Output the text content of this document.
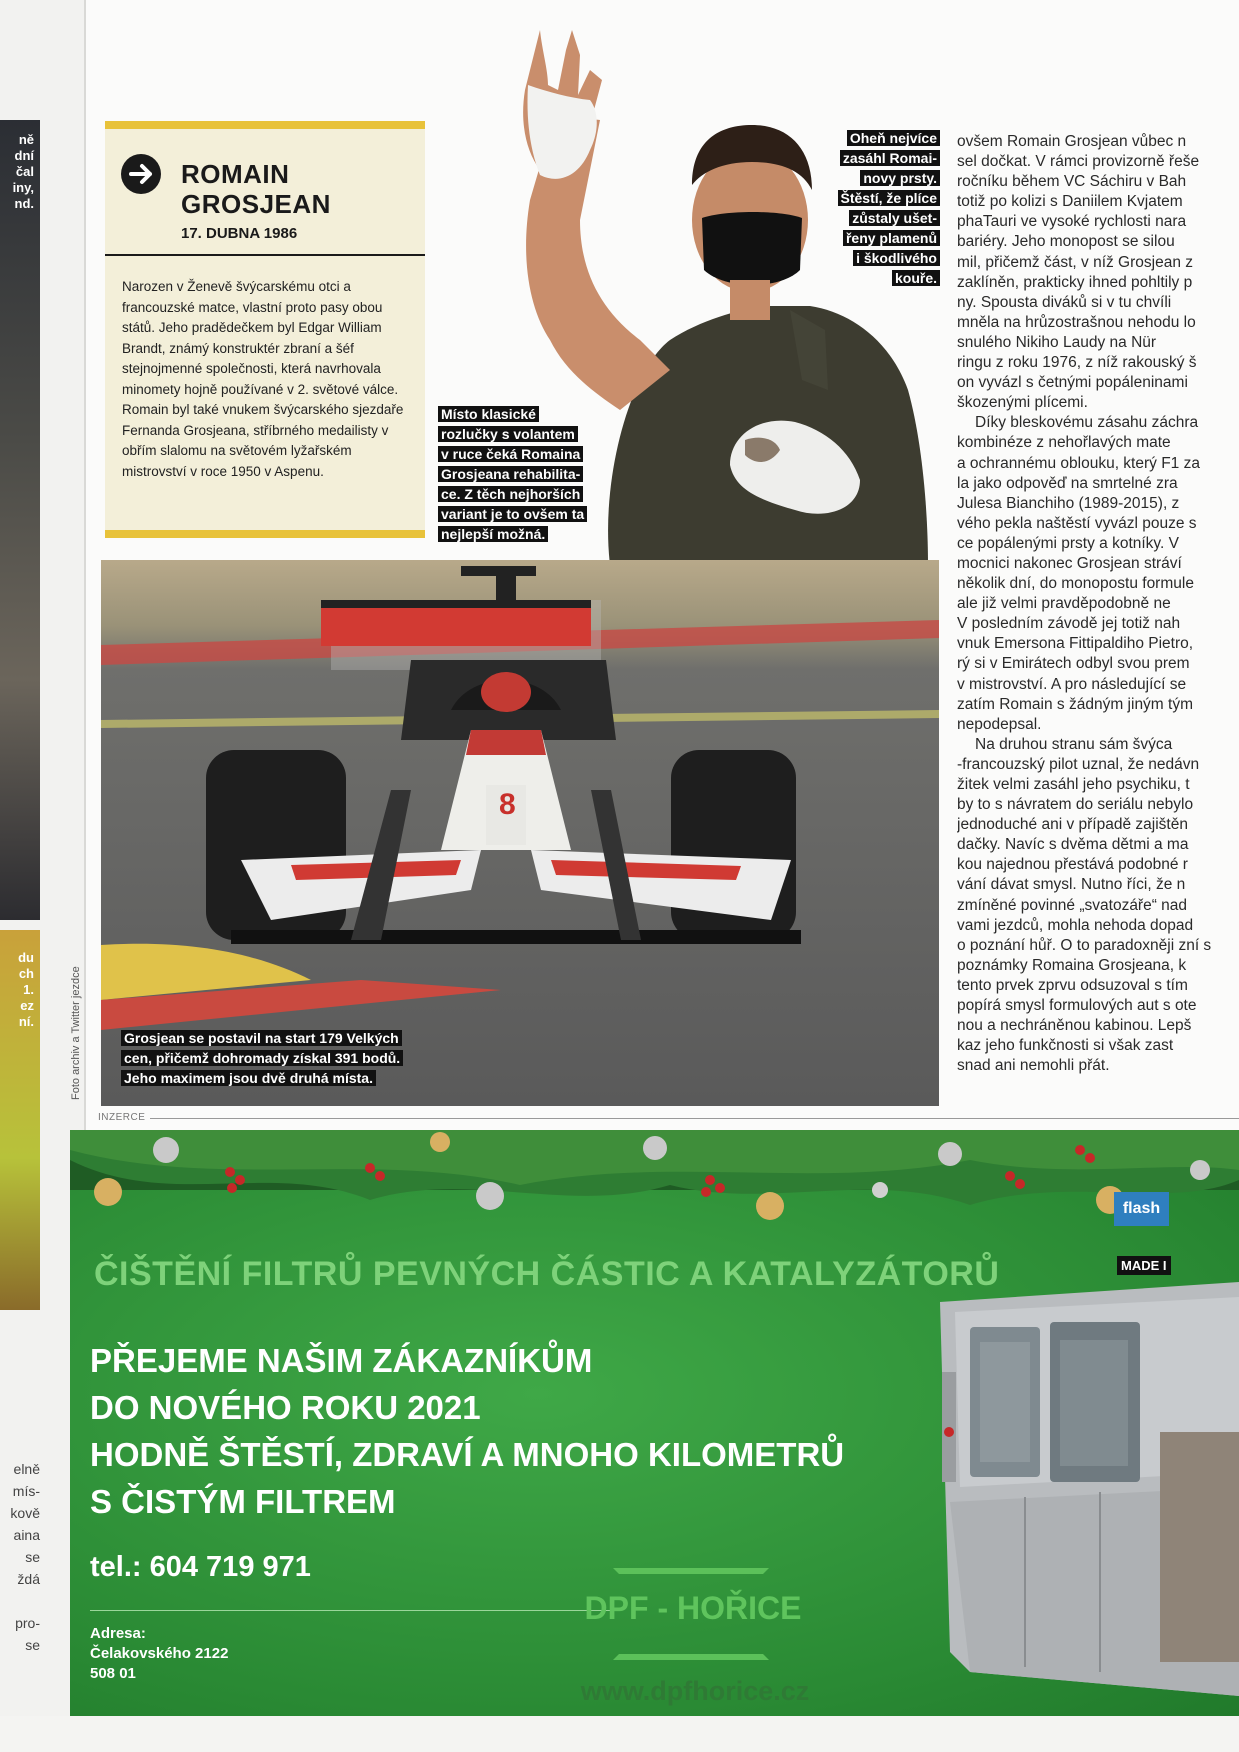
ně
dní
čal
iny,
nd.
du
ch
1.
ez
ní.
elně
mís-
kově
aina
se
ždá

pro-
se
ROMAIN
GROSJEAN
17. DUBNA 1986
Narozen v Ženevě švýcarskému otci a francouzské matce, vlastní proto pasy obou států. Jeho pradědečkem byl Edgar William Brandt, známý konstruktér zbraní a šéf stejnojmenné společnosti, která navrhovala minomety hojně používané v 2. světové válce. Romain byl také vnukem švýcarského sjezdaře Fernanda Grosjeana, stříbrného medailisty v obřím slalomu na světovém lyžařském mistrovství v roce 1950 v Aspenu.
Oheň nejvíce
zasáhl Romai-
novy prsty.
Štěstí, že plíce
zůstaly ušet-
řeny plamenů
i škodlivého
kouře.
Místo klasické
rozlučky s volantem
v ruce čeká Romaina
Grosjeana rehabilita-
ce. Z těch nejhorších
variant je to ovšem ta
nejlepší možná.
8
Grosjean se postavil na start 179 Velkých
cen, přičemž dohromady získal 391 bodů.
Jeho maximem jsou dvě druhá místa.

ovšem Romain Grosjean vůbec n

sel dočkat. V rámci provizorně řeše

ročníku během VC Sáchiru v Bah

totiž po kolizi s Daniilem Kvjatem

phaTauri ve vysoké rychlosti nara

bariéry. Jeho monopost se silou

mil, přičemž část, v níž Grosjean z

zaklíněn, prakticky ihned pohltily p

ny. Spousta diváků si v tu chvíli

mněla na hrůzostrašnou nehodu lo

snulého Nikiho Laudy na Nür

ringu z roku 1976, z níž rakouský š

on vyvázl s četnými popáleninami

škozenými plícemi.

Díky bleskovému zásahu záchra

kombinéze z nehořlavých mate

a ochrannému oblouku, který F1 za

la jako odpověď na smrtelné zra

Julesa Bianchiho (1989-2015), z

vého pekla naštěstí vyvázl pouze s

ce popálenými prsty a kotníky. V

mocnici nakonec Grosjean stráví

několik dní, do monopostu formule

ale již velmi pravděpodobně ne

V posledním závodě jej totiž nah

vnuk Emersona Fittipaldiho Pietro,

rý si v Emirátech odbyl svou prem

v mistrovství. A pro následující se

zatím Romain s žádným jiným tým

nepodepsal.

Na druhou stranu sám švýca

-francouzský pilot uznal, že nedávn

žitek velmi zasáhl jeho psychiku, t

by to s návratem do seriálu nebylo

jednoduché ani v případě zajištěn

dačky. Navíc s dvěma dětmi a ma

kou najednou přestává podobné r

vání dávat smysl. Nutno říci, že n

zmíněné povinné „svatozáře“ nad

vami jezdců, mohla nehoda dopad

o poznání hůř. O to paradoxněji zní s

poznámky Romaina Grosjeana, k

tento prvek zprvu odsuzoval s tím

popírá smysl formulových aut s ote

nou a nechráněnou kabinou. Lepš

kaz jeho funkčnosti si však zast

snad ani nemohli přát.

INZERCE
ČIŠTĚNÍ FILTRŮ PEVNÝCH ČÁSTIC A KATALYZÁTORŮ
PŘEJEME NAŠIM ZÁKAZNÍKŮM
DO NOVÉHO ROKU 2021
HODNĚ ŠTĚSTÍ, ZDRAVÍ A MNOHO KILOMETRŮ
S ČISTÝM FILTREM
tel.: 604 719 971
Adresa:
Čelakovského 2122
508 01
DPF - HOŘICE
www.dpfhorice.cz
flash
MADE I
